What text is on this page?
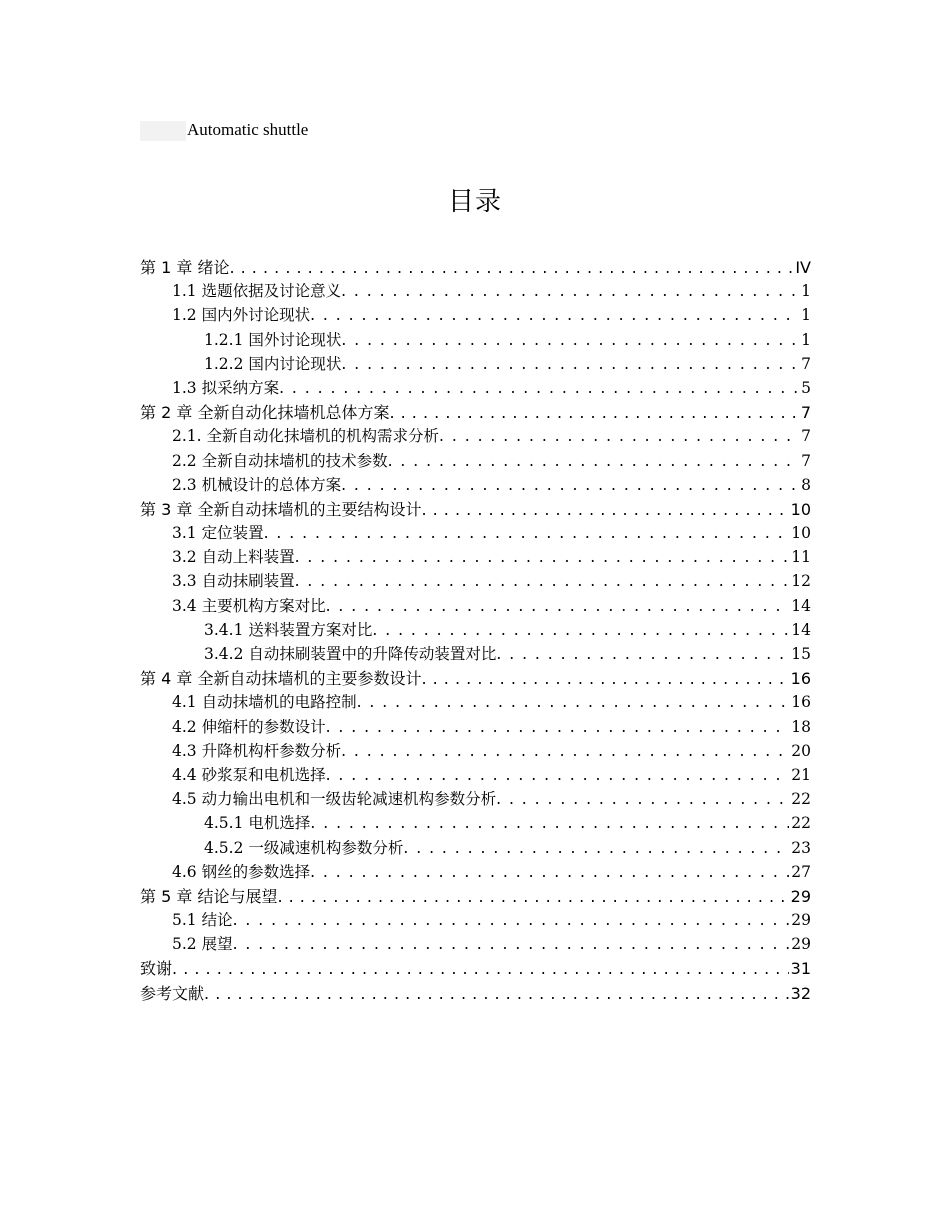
Automatic shuttle
目录
第 1 章 绪论 . . .	IV
1.1 选题依据及讨论意义 . . .	1
1.2 国内外讨论现状 . . .	1
1.2.1 国外讨论现状 . . .	1
1.2.2 国内讨论现状 . . .	7
1.3 拟采纳方案 . . .	5
第 2 章 全新自动化抹墙机总体方案 . . .	7
2.1. 全新自动化抹墙机的机构需求分析 . . .	7
2.2 全新自动抹墙机的技术参数 . . .	7
2.3 机械设计的总体方案 . . .	8
第 3 章 全新自动抹墙机的主要结构设计 . . .	10
3.1 定位装置 . . .	10
3.2 自动上料装置 . . .	11
3.3 自动抹刷装置 . . .	12
3.4 主要机构方案对比 . . .	14
3.4.1 送料装置方案对比 . . .	14
3.4.2 自动抹刷装置中的升降传动装置对比 . . .	15
第 4 章 全新自动抹墙机的主要参数设计 . . .	16
4.1 自动抹墙机的电路控制 . . .	16
4.2 伸缩杆的参数设计 . . .	18
4.3 升降机构杆参数分析 . . .	20
4.4 砂浆泵和电机选择 . . .	21
4.5 动力输出电机和一级齿轮减速机构参数分析 . . .	22
4.5.1 电机选择 . . .	22
4.5.2 一级减速机构参数分析 . . .	23
4.6 钢丝的参数选择 . . .	27
第 5 章 结论与展望 . . .	29
5.1 结论 . . .	29
5.2 展望 . . .	29
致谢 . . .	31
参考文献 . . .	32
